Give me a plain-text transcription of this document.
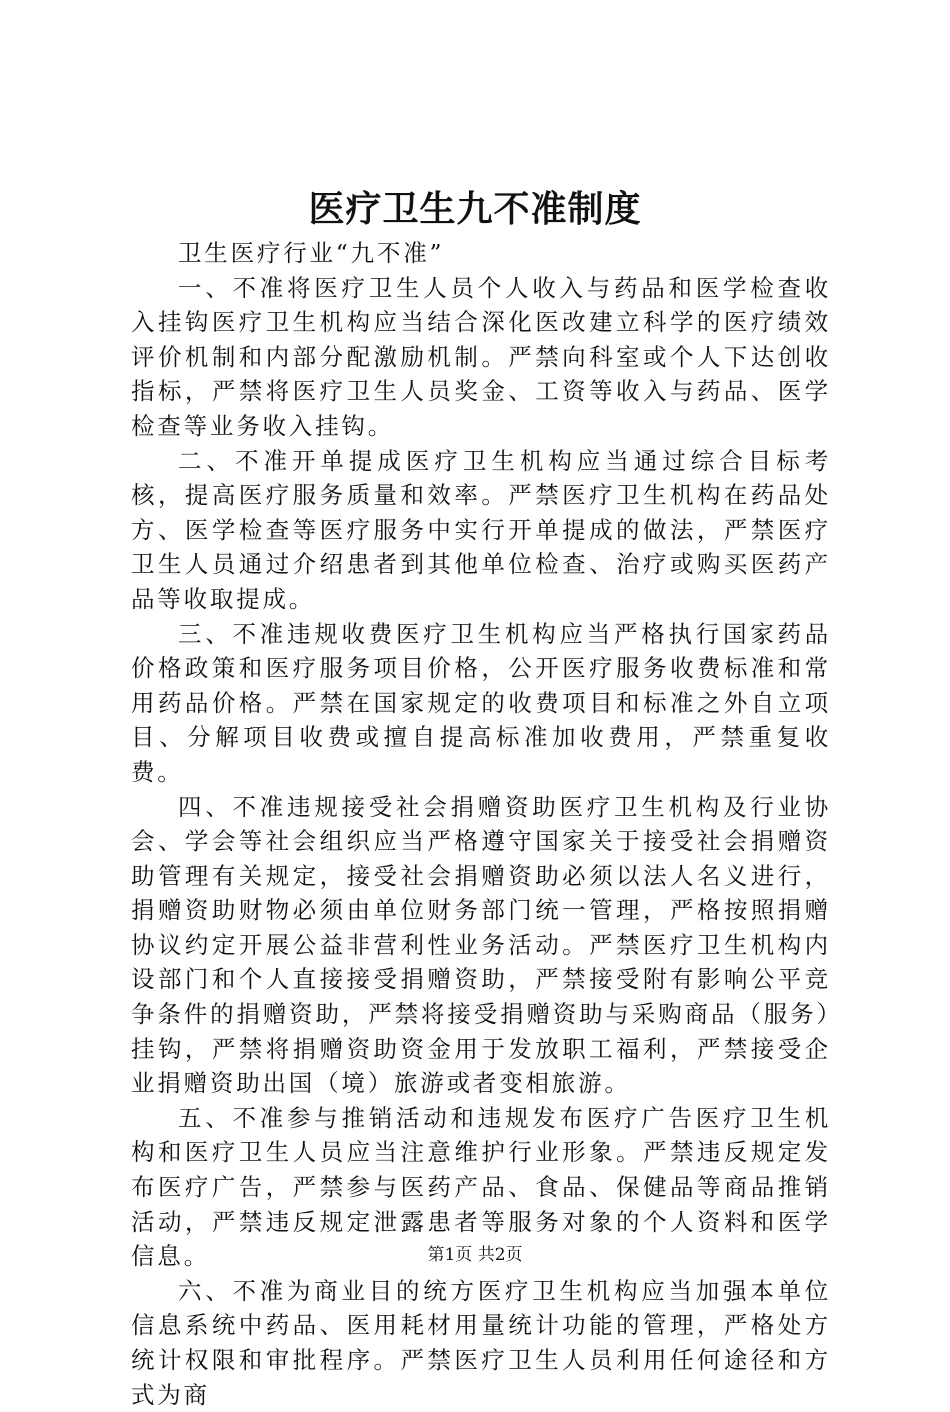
医疗卫生九不准制度

卫生医疗行业“九不准”

一、不准将医疗卫生人员个人收入与药品和医学检查收入挂钩医疗卫生机构应当结合深化医改建立科学的医疗绩效评价机制和内部分配激励机制。严禁向科室或个人下达创收指标，严禁将医疗卫生人员奖金、工资等收入与药品、医学检查等业务收入挂钩。

二、不准开单提成医疗卫生机构应当通过综合目标考核，提高医疗服务质量和效率。严禁医疗卫生机构在药品处方、医学检查等医疗服务中实行开单提成的做法，严禁医疗卫生人员通过介绍患者到其他单位检查、治疗或购买医药产品等收取提成。

三、不准违规收费医疗卫生机构应当严格执行国家药品价格政策和医疗服务项目价格，公开医疗服务收费标准和常用药品价格。严禁在国家规定的收费项目和标准之外自立项目、分解项目收费或擅自提高标准加收费用，严禁重复收费。

四、不准违规接受社会捐赠资助医疗卫生机构及行业协会、学会等社会组织应当严格遵守国家关于接受社会捐赠资助管理有关规定，接受社会捐赠资助必须以法人名义进行，捐赠资助财物必须由单位财务部门统一管理，严格按照捐赠协议约定开展公益非营利性业务活动。严禁医疗卫生机构内设部门和个人直接接受捐赠资助，严禁接受附有影响公平竞争条件的捐赠资助，严禁将接受捐赠资助与采购商品（服务）挂钩，严禁将捐赠资助资金用于发放职工福利，严禁接受企业捐赠资助出国（境）旅游或者变相旅游。

五、不准参与推销活动和违规发布医疗广告医疗卫生机构和医疗卫生人员应当注意维护行业形象。严禁违反规定发布医疗广告，严禁参与医药产品、食品、保健品等商品推销活动，严禁违反规定泄露患者等服务对象的个人资料和医学信息。

六、不准为商业目的统方医疗卫生机构应当加强本单位信息系统中药品、医用耗材用量统计功能的管理，严格处方统计权限和审批程序。严禁医疗卫生人员利用任何途径和方式为商

第1页 共2页
